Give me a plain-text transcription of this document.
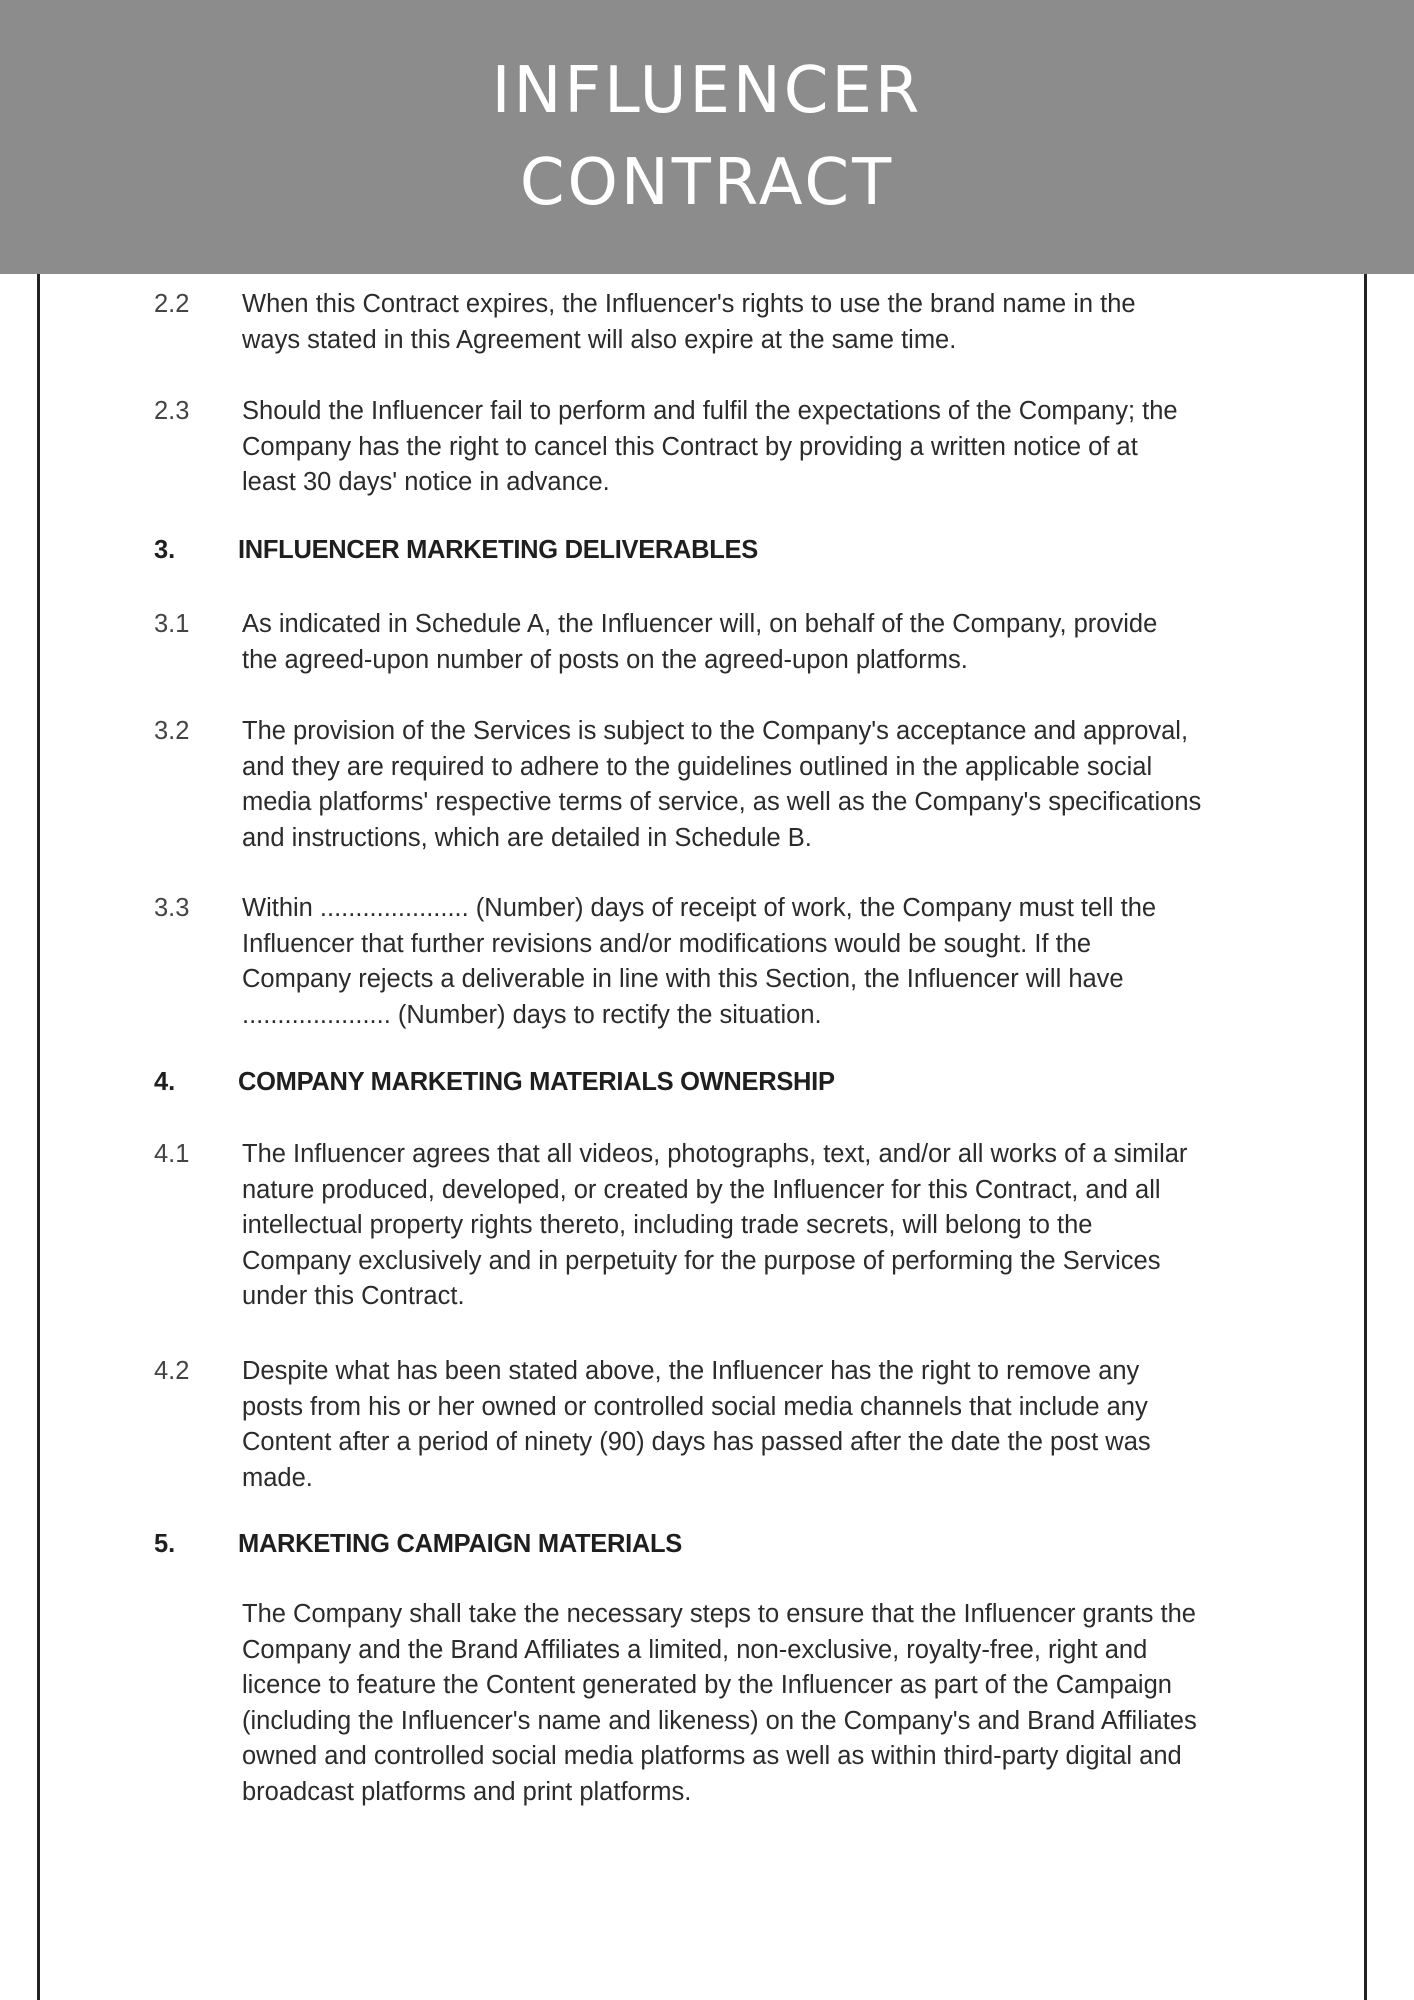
INFLUENCER
CONTRACT
2.2 When this Contract expires, the Influencer's rights to use the brand name in the
ways stated in this Agreement will also expire at the same time.
2.3 Should the Influencer fail to perform and fulfil the expectations of the Company; the
Company has the right to cancel this Contract by providing a written notice of at
least 30 days' notice in advance.
3. INFLUENCER MARKETING DELIVERABLES
3.1 As indicated in Schedule A, the Influencer will, on behalf of the Company, provide
the agreed-upon number of posts on the agreed-upon platforms.
3.2 The provision of the Services is subject to the Company's acceptance and approval,
and they are required to adhere to the guidelines outlined in the applicable social
media platforms' respective terms of service, as well as the Company's specifications
and instructions, which are detailed in Schedule B.
3.3 Within ..................... (Number) days of receipt of work, the Company must tell the
Influencer that further revisions and/or modifications would be sought. If the
Company rejects a deliverable in line with this Section, the Influencer will have
..................... (Number) days to rectify the situation.
4. COMPANY MARKETING MATERIALS OWNERSHIP
4.1 The Influencer agrees that all videos, photographs, text, and/or all works of a similar
nature produced, developed, or created by the Influencer for this Contract, and all
intellectual property rights thereto, including trade secrets, will belong to the
Company exclusively and in perpetuity for the purpose of performing the Services
under this Contract.
4.2 Despite what has been stated above, the Influencer has the right to remove any
posts from his or her owned or controlled social media channels that include any
Content after a period of ninety (90) days has passed after the date the post was
made.
5. MARKETING CAMPAIGN MATERIALS
The Company shall take the necessary steps to ensure that the Influencer grants the
Company and the Brand Affiliates a limited, non-exclusive, royalty-free, right and
licence to feature the Content generated by the Influencer as part of the Campaign
(including the Influencer's name and likeness) on the Company's and Brand Affiliates
owned and controlled social media platforms as well as within third-party digital and
broadcast platforms and print platforms.
